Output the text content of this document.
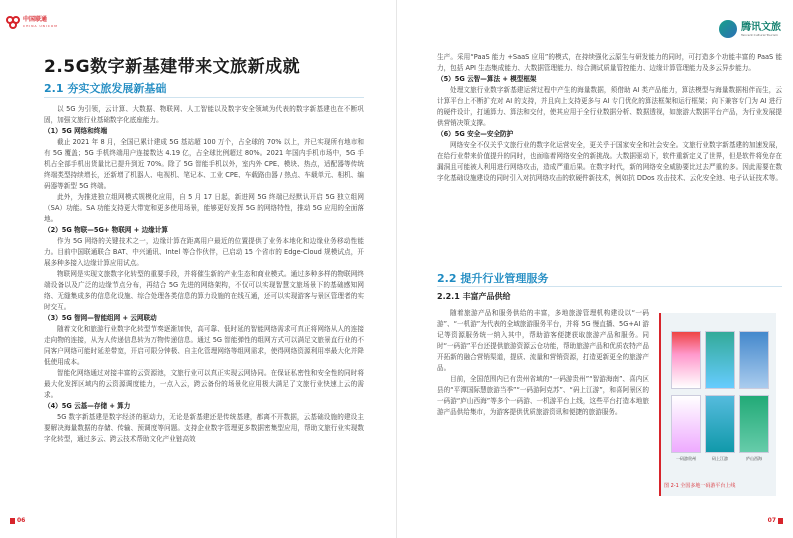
中国联通
CHINA UNICOM
2.5G数字新基建带来文旅新成就
2.1 夯实文旅发展新基础

以 5G 为引领，云计算、大数据、物联网、人工智能以及数字安全领域为代表的数字新基建也在不断巩固，加强文旅行业基础数字化底座能力。

（1）5G 网络和终端

截止 2021 年 8 月，全国已累计建成 5G 基站超 100 万个，占全球的 70% 以上，并已实现所有地市和有 5G 覆盖；5G 手机终端用户连接数达 4.19 亿，占全球比例超过 80%。2021 年国内手机市场中，5G 手机占全部手机出货量比已提升到近 70%。除了 5G 智能手机以外，室内外 CPE、模块、热点，适配器等传统终端类型持续增长，还新增了机器人、电视机、笔记本、工业 CPE、车载路由器 / 热点、车载单元、相机、编码器等新型 5G 终端。

此外，为推进独立组网模式规模化应用，自 5 月 17 日起，新进网 5G 终端已经默认开启 5G 独立组网（SA）功能。SA 功能支持更大带宽和更多使用场景，能够更好发挥 5G 的网络特性，推动 5G 应用的全面落地。

（2）5G 物联—5G+ 物联网 + 边缘计算

作为 5G 网络的关键技术之一，边缘计算在距离用户最近的位置提供了业务本地化和边缘业务移动性能力。目前中国联通联合 BAT、中兴通讯、Intel 等合作伙伴，已启动 15 个省市的 Edge-Cloud 规模试点，开展多种多接入边缘计算应用试点。

物联网是实现文旅数字化转型的重要手段，并将催生新的产业生态和商业模式。通过多种多样的物联网终端设备以及广泛的边缘节点分布，再结合 5G 先进的网络架构，不仅可以实现智慧文旅场景下的基础感知网络、无缝集成多的信息化设施、综合处理各类信息的算力设施的在线互通，还可以实现游客与景区管理者的实时交互。

（3）5G 智网—智能组网 + 云网联动

随着文化和旅游行业数字化转型节奏逐渐加快，高可靠、低时延的智能网络需求可真正将网络从人的连接走向物的连接，从为人传递信息转为万物传递信息。通过 5G 智能弹性的组网方式可以满足文旅景直行业的不同客户网络可能时延差带宽，开启可限分钟极、自主化管理网络等组网需求，使得网络资源利用率最大化并降低使用成本。

智能化网络通过对接丰富的云资源池，文旅行业可以真正实现云网协同。在保证私密性和安全性的同时将最大化发挥区域内的云资源调度能力，一点入云，跨云备份的场景化应用极大满足了文旅行业快速上云的需求。

（4）5G 云基—存储 + 算力

5G 数字新基建是数字经济的驱动力，无论是新基建还是传统基建，都离不开数据，云基础设施的建设主要解决海量数据的存储、传输、预调度等问题。支持企业数字管理更多数据密集型应用，帮助文旅行业实现数字化转型，通过多云、跨云技术帮助文化产业链高效

06
腾讯文旅
Tencent Cultural Tourism
生产。采用“PaaS 能力 +SaaS 应用”的模式，在持续强化云原生与研发能力的同时，可打造多个功能丰富的 PaaS 能力，包括 API 生态集成能力、大数据管理能力、综合测试质量管控能力、边缘计算管理能力及多云异步能力。
（5）5G 云智—算法 + 模型框架

处理文旅行业数字新基建运营过程中产生的海量数据，须借助 AI 类产品能力，算法模型与海量数据相伴而生，云计算平台上不断扩充对 AI 的支持，并且向上支持更多与 AI 专门优化的算法框架和运行框架；向下兼容专门为 AI 进行的硬件设计，打通算力、算法和交付，使其应用于全行业数据分析、数据透视，如旅游大数据平台产品，为行业发展提供营销决策支撑。

（6）5G 安全—安全防护

网络安全不仅关乎文旅行业的数字化运营安全，更关乎于国家安全和社会安全。文旅行业数字新基建的加速发展，在给行业带来价值提升的同时，也面临着网络安全的新挑战。大数据驱动下，软件重新定义了世界，但是软件将免存在漏洞且可能被人利用进行网络攻击，造成严重后果。在数字时代，新的网络安全威胁要比过去严重的多。因此需要在数字化基础设施建设的同时引入对抗网络攻击的软硬件新技术，例如抗 DDos 攻击技术、云化安全池、电子认证技术等。

2.2 提升行业管理服务
2.2.1 丰富产品供给

随着旅游产品和服务供给的丰富，多地旅游管理机构建设以“一码游”、“一机游”为代表的全域旅游服务平台，并将 5G 慢直播、5G+AI 游记等资源服务统一纳入其中，帮助游客便捷获取旅游产品和服务。同时“一码游”平台还提供旅游资源云仓功能，帮助旅游产品和优质农特产品开拓新的融合营销渠道，提质、流量和营销资源，打造更新更全的旅游产品。

目前，全国范围内已有贵州省域的“一码游贵州”“智游海南”、喜内区县的“平潭国际慧旅游当季”“一码游阿克苏”、“码上江游”，和喜阿景区的一码游“庐山西海”等多个一码游、一机游平台上线，这些平台打造本地旅游产品供给集市，为游客提供优质旅游资讯和便捷的旅游服务。

一码游贵州	码上江游	庐山西海
图 2-1 全国多地一码游平台上线
07
